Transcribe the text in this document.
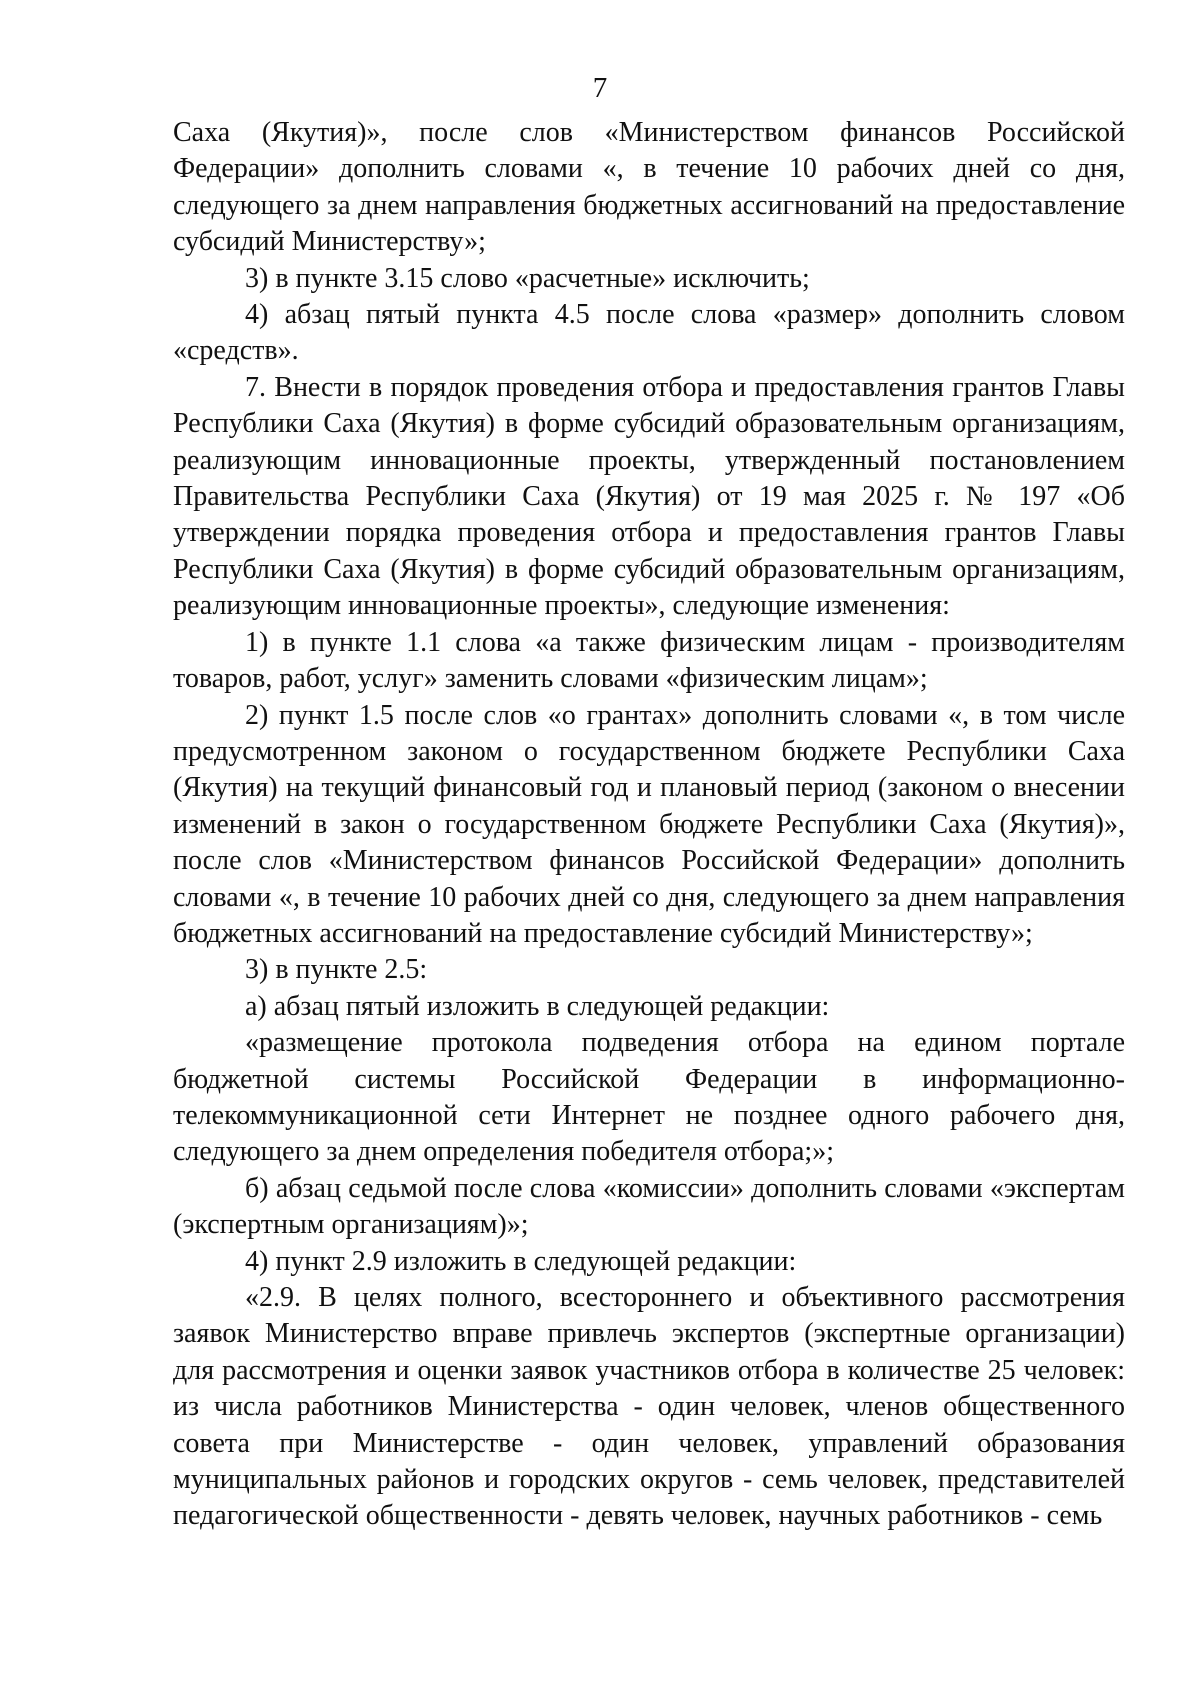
7

Саха (Якутия)», после слов «Министерством финансов Российской Федерации» дополнить словами «, в течение 10 рабочих дней со дня, следующего за днем направления бюджетных ассигнований на предоставление субсидий Министерству»;

3) в пункте 3.15 слово «расчетные» исключить;

4) абзац пятый пункта 4.5 после слова «размер» дополнить словом «средств».

7. Внести в порядок проведения отбора и предоставления грантов Главы Республики Саха (Якутия) в форме субсидий образовательным организациям, реализующим инновационные проекты, утвержденный постановлением Правительства Республики Саха (Якутия) от 19 мая 2025 г. № 197 «Об утверждении порядка проведения отбора и предоставления грантов Главы Республики Саха (Якутия) в форме субсидий образовательным организациям, реализующим инновационные проекты», следующие изменения:

1) в пункте 1.1 слова «а также физическим лицам - производителям товаров, работ, услуг» заменить словами «физическим лицам»;

2) пункт 1.5 после слов «о грантах» дополнить словами «, в том числе предусмотренном законом о государственном бюджете Республики Саха (Якутия) на текущий финансовый год и плановый период (законом о внесении изменений в закон о государственном бюджете Республики Саха (Якутия)», после слов «Министерством финансов Российской Федерации» дополнить словами «, в течение 10 рабочих дней со дня, следующего за днем направления бюджетных ассигнований на предоставление субсидий Министерству»;

3) в пункте 2.5:

а) абзац пятый изложить в следующей редакции:

«размещение протокола подведения отбора на едином портале бюджетной системы Российской Федерации в информационно-телекоммуникационной сети Интернет не позднее одного рабочего дня, следующего за днем определения победителя отбора;»;

б) абзац седьмой после слова «комиссии» дополнить словами «экспертам (экспертным организациям)»;

4) пункт 2.9 изложить в следующей редакции:

«2.9. В целях полного, всестороннего и объективного рассмотрения заявок Министерство вправе привлечь экспертов (экспертные организации) для рассмотрения и оценки заявок участников отбора в количестве 25 человек: из числа работников Министерства - один человек, членов общественного совета при Министерстве - один человек, управлений образования муниципальных районов и городских округов - семь человек, представителей педагогической общественности - девять человек, научных работников - семь
